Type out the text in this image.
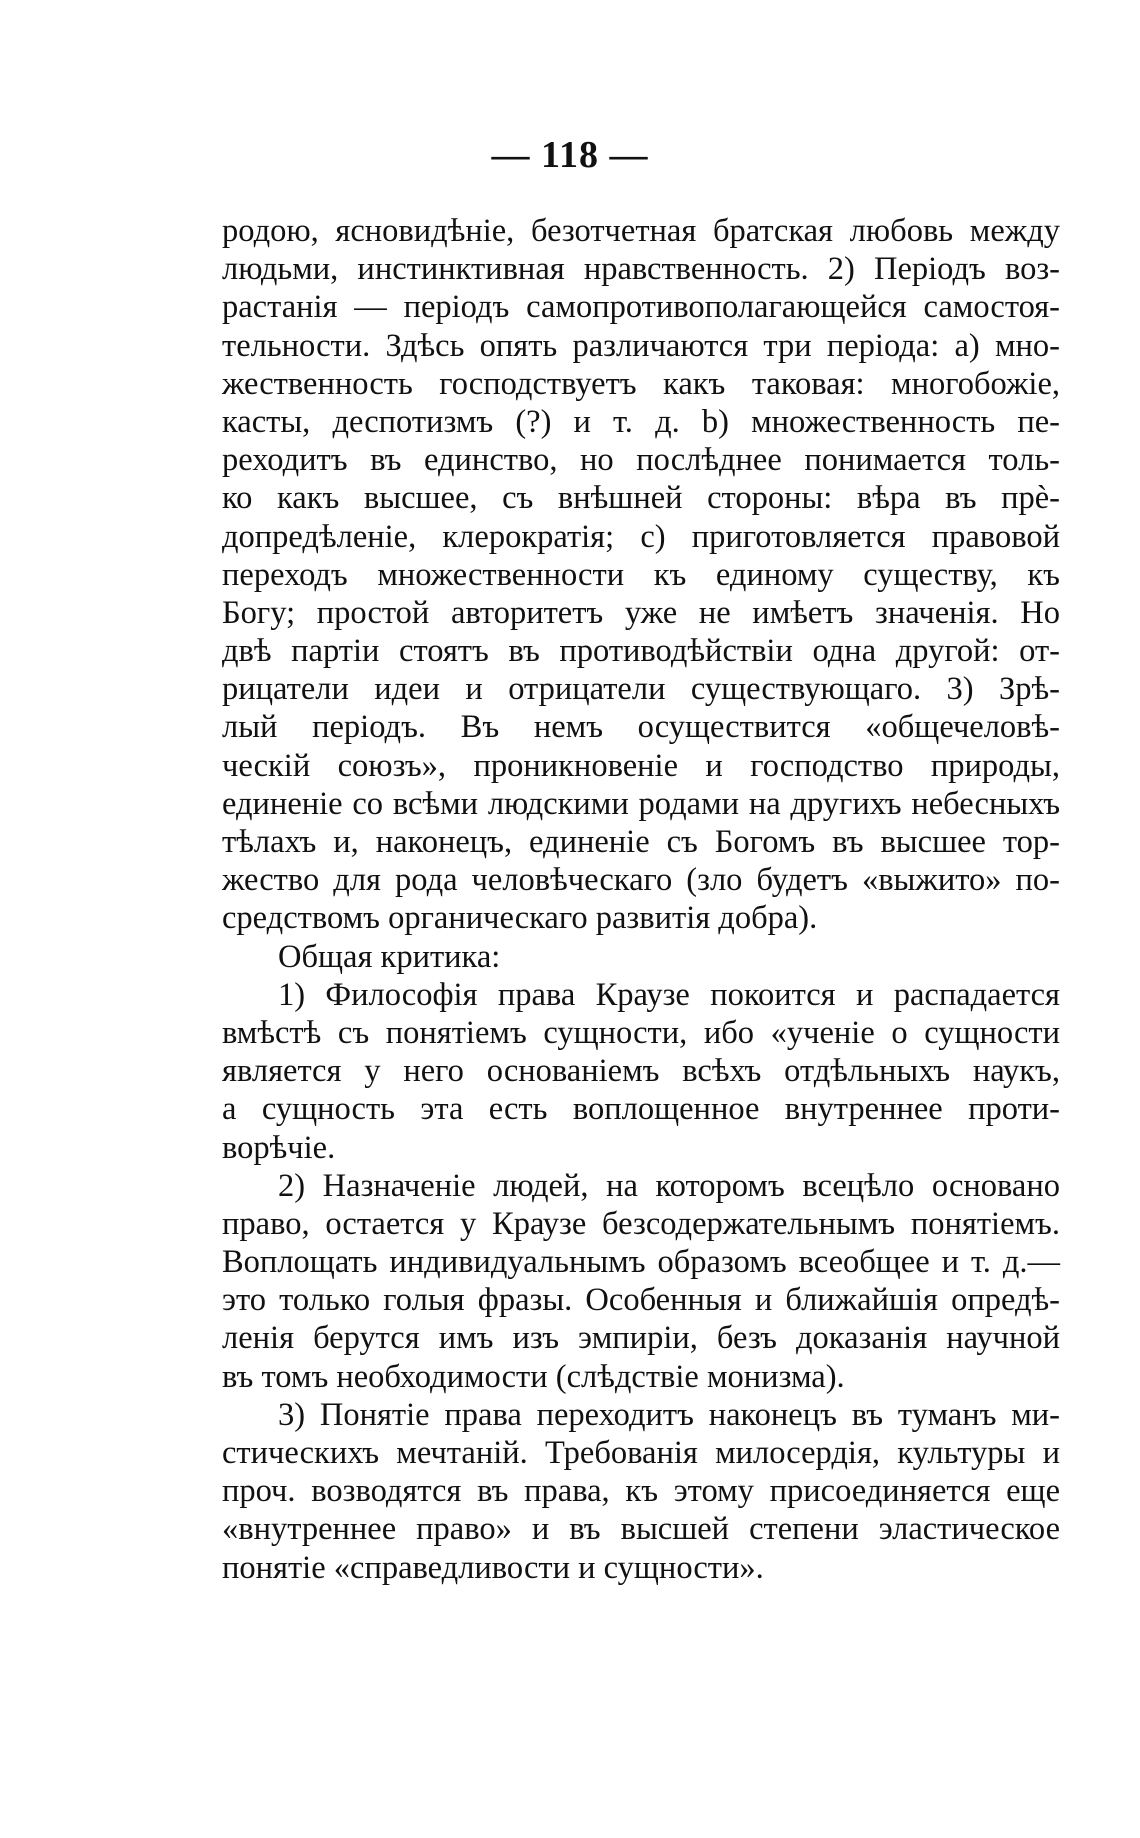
— 118 —
родою, ясновидѣніе, безотчетная братская любовь между
людьми, инстинктивная нравственность. 2) Періодъ воз-
растанія — періодъ самопротивополагающейся самостоя-
тельности. Здѣсь опять различаются три періода: a) мно-
жественность господствуетъ какъ таковая: многобожіе,
касты, деспотизмъ (?) и т. д. b) множественность пе-
реходитъ въ единство, но послѣднее понимается толь-
ко какъ высшее, съ внѣшней стороны: вѣра въ прѐ-
допредѣленіе, клерократія; c) приготовляется правовой
переходъ множественности къ единому существу, къ
Богу; простой авторитетъ уже не имѣетъ значенія. Но
двѣ партіи стоятъ въ противодѣйствіи одна другой: от-
рицатели идеи и отрицатели существующаго. 3) Зрѣ-
лый періодъ. Въ немъ осуществится «общечеловѣ-
ческій союзъ», проникновеніе и господство природы,
единеніе со всѣми людскими родами на другихъ небесныхъ
тѣлахъ и, наконецъ, единеніе съ Богомъ въ высшее тор-
жество для рода человѣческаго (зло будетъ «выжито» по-
средствомъ органическаго развитія добра).
Общая критика:
1) Философія права Краузе покоится и распадается
вмѣстѣ съ понятіемъ сущности, ибо «ученіе о сущности
является у него основаніемъ всѣхъ отдѣльныхъ наукъ,
а сущность эта есть воплощенное внутреннее проти-
ворѣчіе.
2) Назначеніе людей, на которомъ всецѣло основано
право, остается у Краузе безсодержательнымъ понятіемъ.
Воплощать индивидуальнымъ образомъ всеобщее и т. д.—
это только голыя фразы. Особенныя и ближайшія опредѣ-
ленія берутся имъ изъ эмпиріи, безъ доказанія научной
въ томъ необходимости (слѣдствіе монизма).
3) Понятіе права переходитъ наконецъ въ туманъ ми-
стическихъ мечтаній. Требованія милосердія, культуры и
проч. возводятся въ права, къ этому присоединяется еще
«внутреннее право» и въ высшей степени эластическое
понятіе «справедливости и сущности».
